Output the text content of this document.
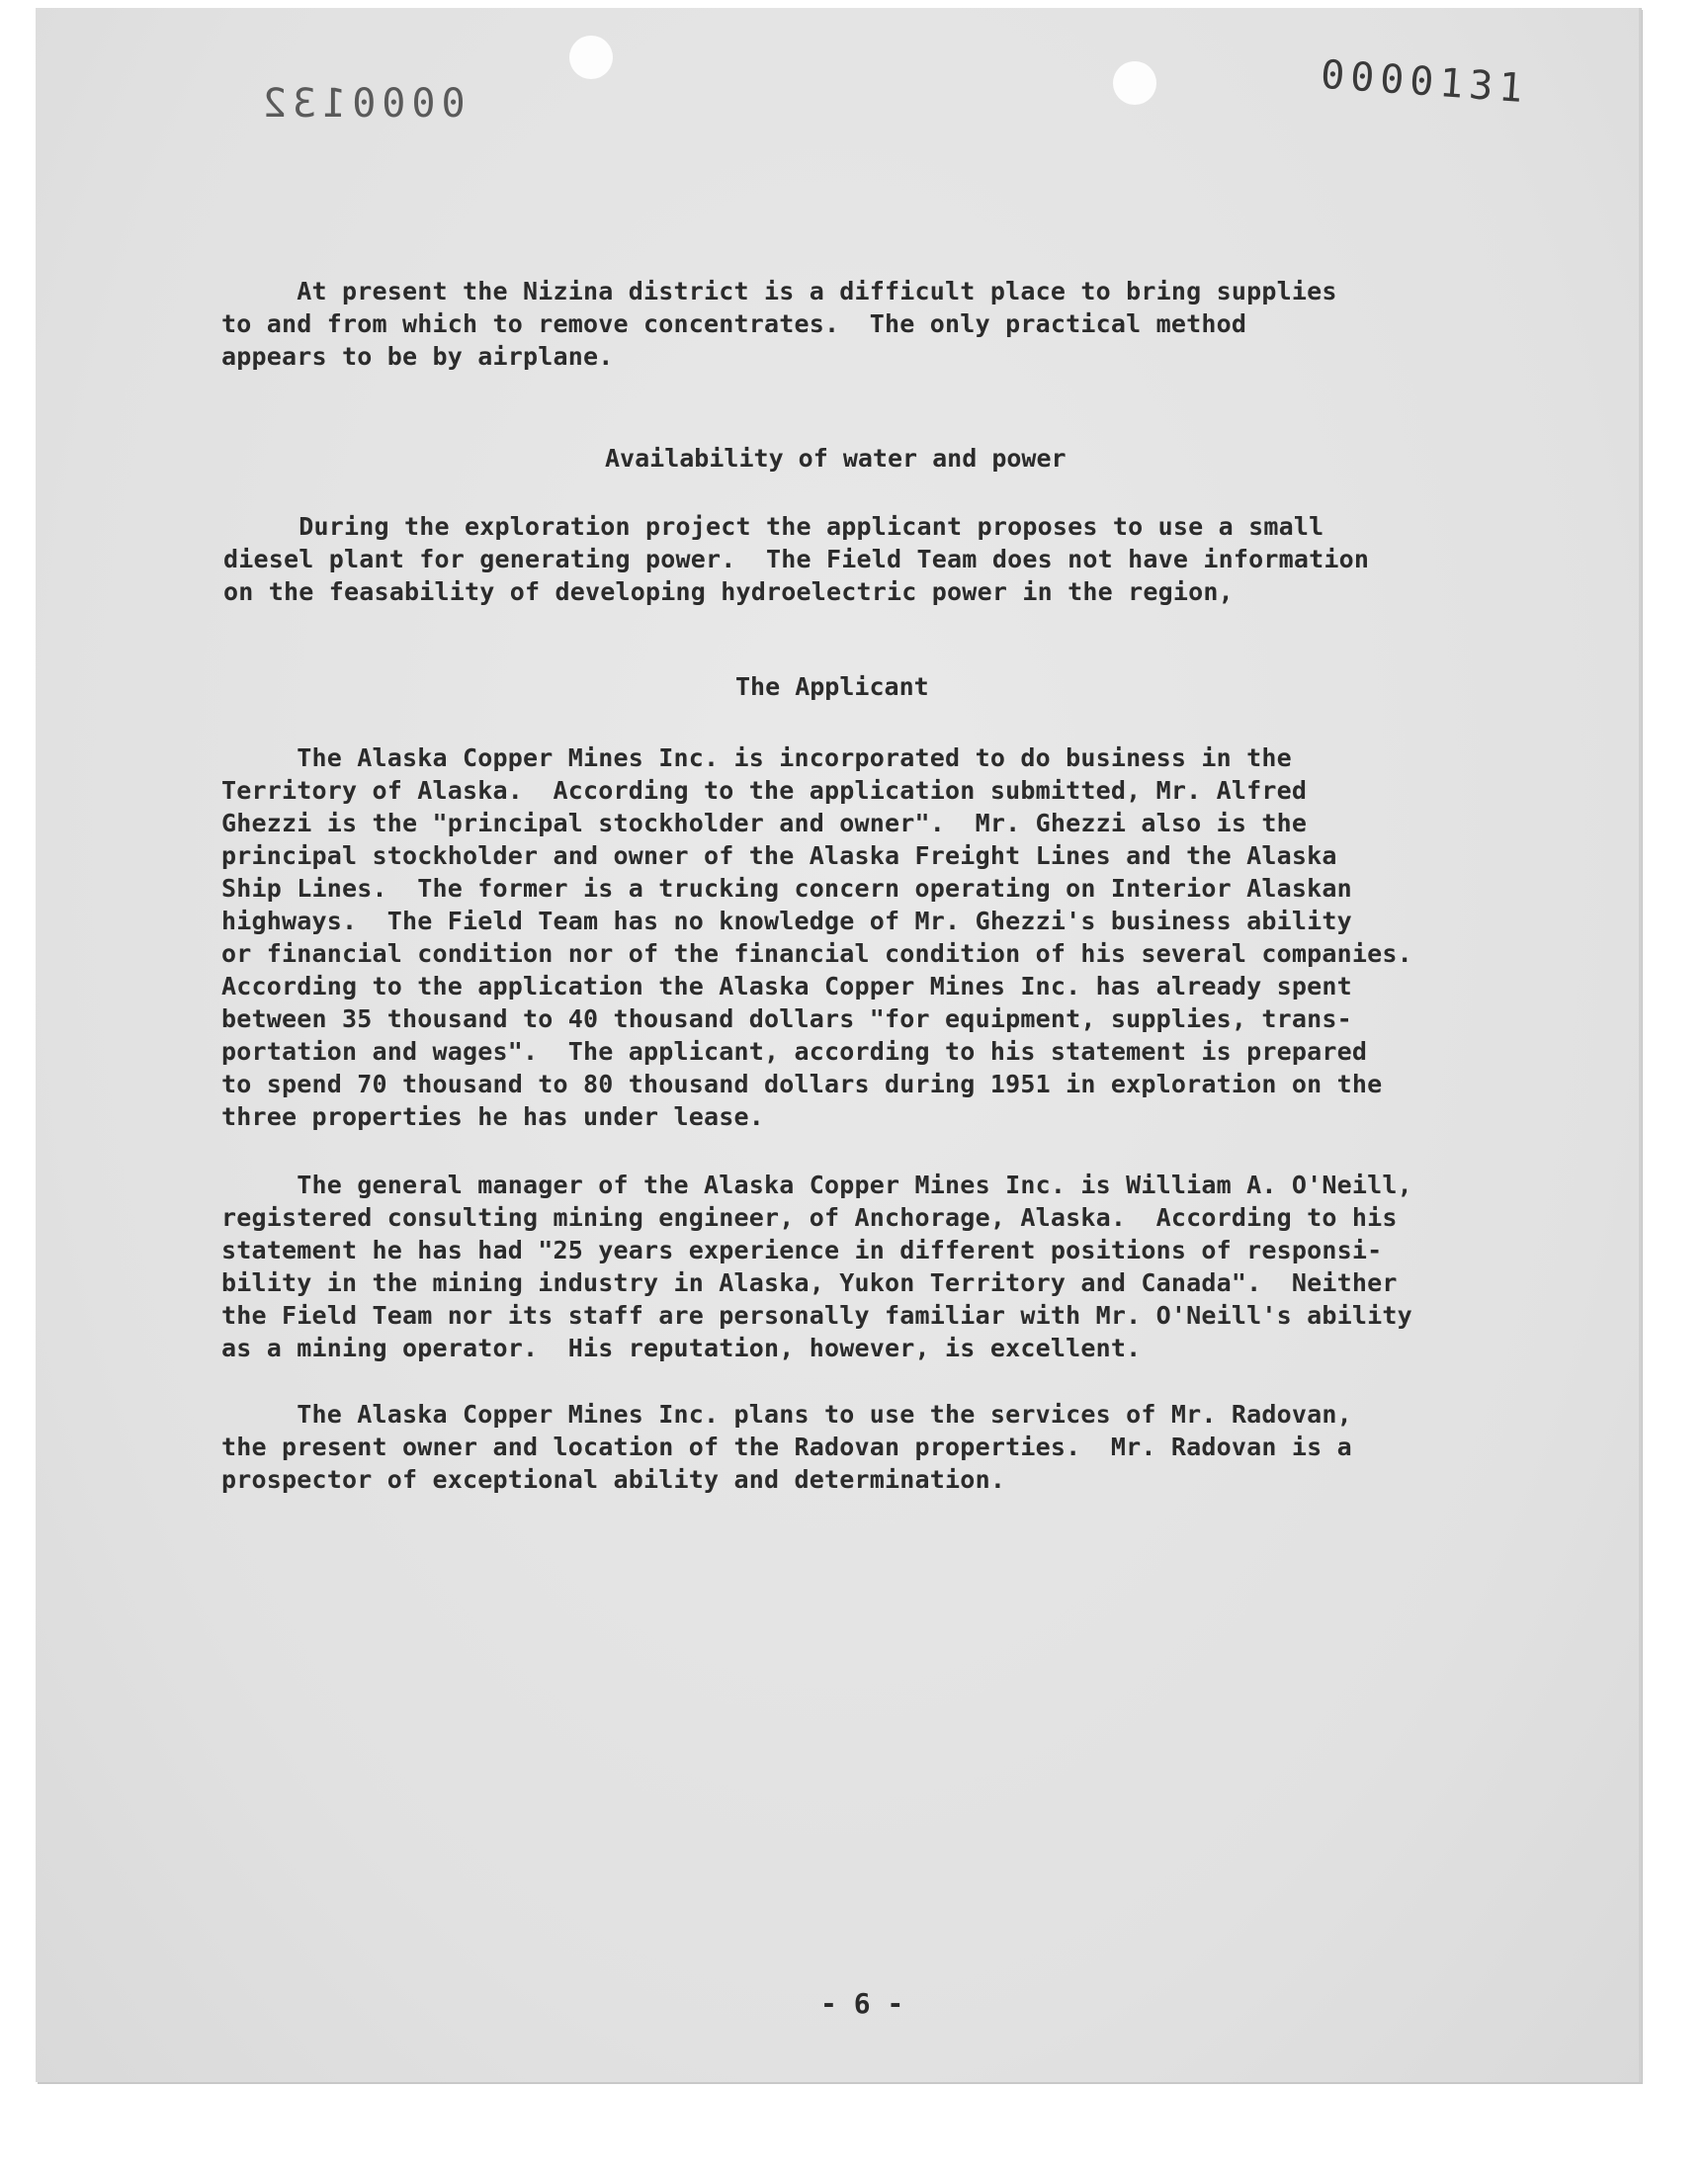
0000132	0000131
At present the Nizina district is a difficult place to bring supplies
to and from which to remove concentrates.  The only practical method
appears to be by airplane.
Availability of water and power
During the exploration project the applicant proposes to use a small
diesel plant for generating power.  The Field Team does not have information
on the feasability of developing hydroelectric power in the region,
The Applicant
The Alaska Copper Mines Inc. is incorporated to do business in the
Territory of Alaska.  According to the application submitted, Mr. Alfred
Ghezzi is the "principal stockholder and owner".  Mr. Ghezzi also is the
principal stockholder and owner of the Alaska Freight Lines and the Alaska
Ship Lines.  The former is a trucking concern operating on Interior Alaskan
highways.  The Field Team has no knowledge of Mr. Ghezzi's business ability
or financial condition nor of the financial condition of his several companies.
According to the application the Alaska Copper Mines Inc. has already spent
between 35 thousand to 40 thousand dollars "for equipment, supplies, trans-
portation and wages".  The applicant, according to his statement is prepared
to spend 70 thousand to 80 thousand dollars during 1951 in exploration on the
three properties he has under lease.
The general manager of the Alaska Copper Mines Inc. is William A. O'Neill,
registered consulting mining engineer, of Anchorage, Alaska.  According to his
statement he has had "25 years experience in different positions of responsi-
bility in the mining industry in Alaska, Yukon Territory and Canada".  Neither
the Field Team nor its staff are personally familiar with Mr. O'Neill's ability
as a mining operator.  His reputation, however, is excellent.
The Alaska Copper Mines Inc. plans to use the services of Mr. Radovan,
the present owner and location of the Radovan properties.  Mr. Radovan is a
prospector of exceptional ability and determination.
- 6 -
